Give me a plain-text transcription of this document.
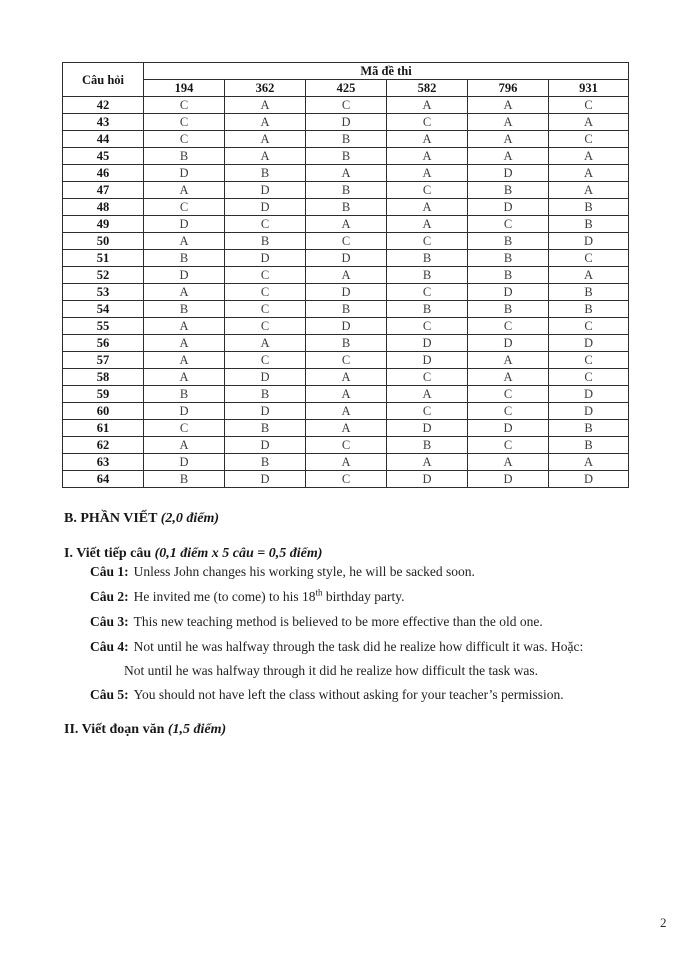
Câu hỏi	Mã đề thi					
	194	362	425	582	796	931
42	C	A	C	A	A	C
43	C	A	D	C	A	A
44	C	A	B	A	A	C
45	B	A	B	A	A	A
46	D	B	A	A	D	A
47	A	D	B	C	B	A
48	C	D	B	A	D	B
49	D	C	A	A	C	B
50	A	B	C	C	B	D
51	B	D	D	B	B	C
52	D	C	A	B	B	A
53	A	C	D	C	D	B
54	B	C	B	B	B	B
55	A	C	D	C	C	C
56	A	A	B	D	D	D
57	A	C	C	D	A	C
58	A	D	A	C	A	C
59	B	B	A	A	C	D
60	D	D	A	C	C	D
61	C	B	A	D	D	B
62	A	D	C	B	C	B
63	D	B	A	A	A	A
64	B	D	C	D	D	D
B. PHẦN VIẾT (2,0 điểm)
I. Viết tiếp câu (0,1 điểm x 5 câu = 0,5 điểm)
Câu 1: Unless John changes his working style, he will be sacked soon.
Câu 2: He invited me (to come) to his 18th birthday party.
Câu 3: This new teaching method is believed to be more effective than the old one.
Câu 4: Not until he was halfway through the task did he realize how difficult it was. Hoặc:
Not until he was halfway through it did he realize how difficult the task was.
Câu 5: You should not have left the class without asking for your teacher’s permission.
II. Viết đoạn văn (1,5 điểm)
2
